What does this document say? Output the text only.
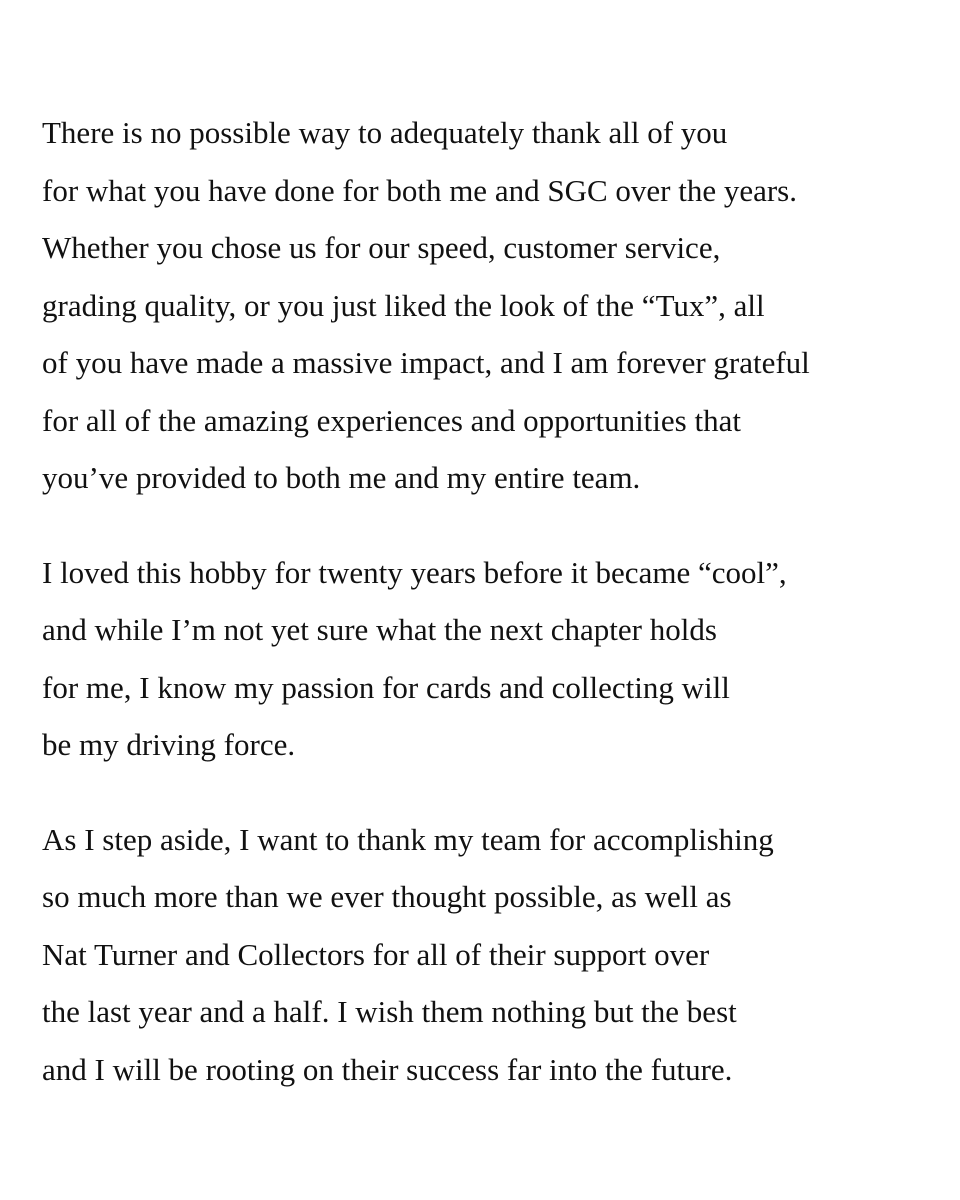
There is no possible way to adequately thank all of you
for what you have done for both me and SGC over the years.
Whether you chose us for our speed, customer service,
grading quality, or you just liked the look of the “Tux”, all
of you have made a massive impact, and I am forever grateful
for all of the amazing experiences and opportunities that
you’ve provided to both me and my entire team.

I loved this hobby for twenty years before it became “cool”,
and while I’m not yet sure what the next chapter holds
for me, I know my passion for cards and collecting will
be my driving force.

As I step aside, I want to thank my team for accomplishing
so much more than we ever thought possible, as well as
Nat Turner and Collectors for all of their support over
the last year and a half. I wish them nothing but the best
and I will be rooting on their success far into the future.
